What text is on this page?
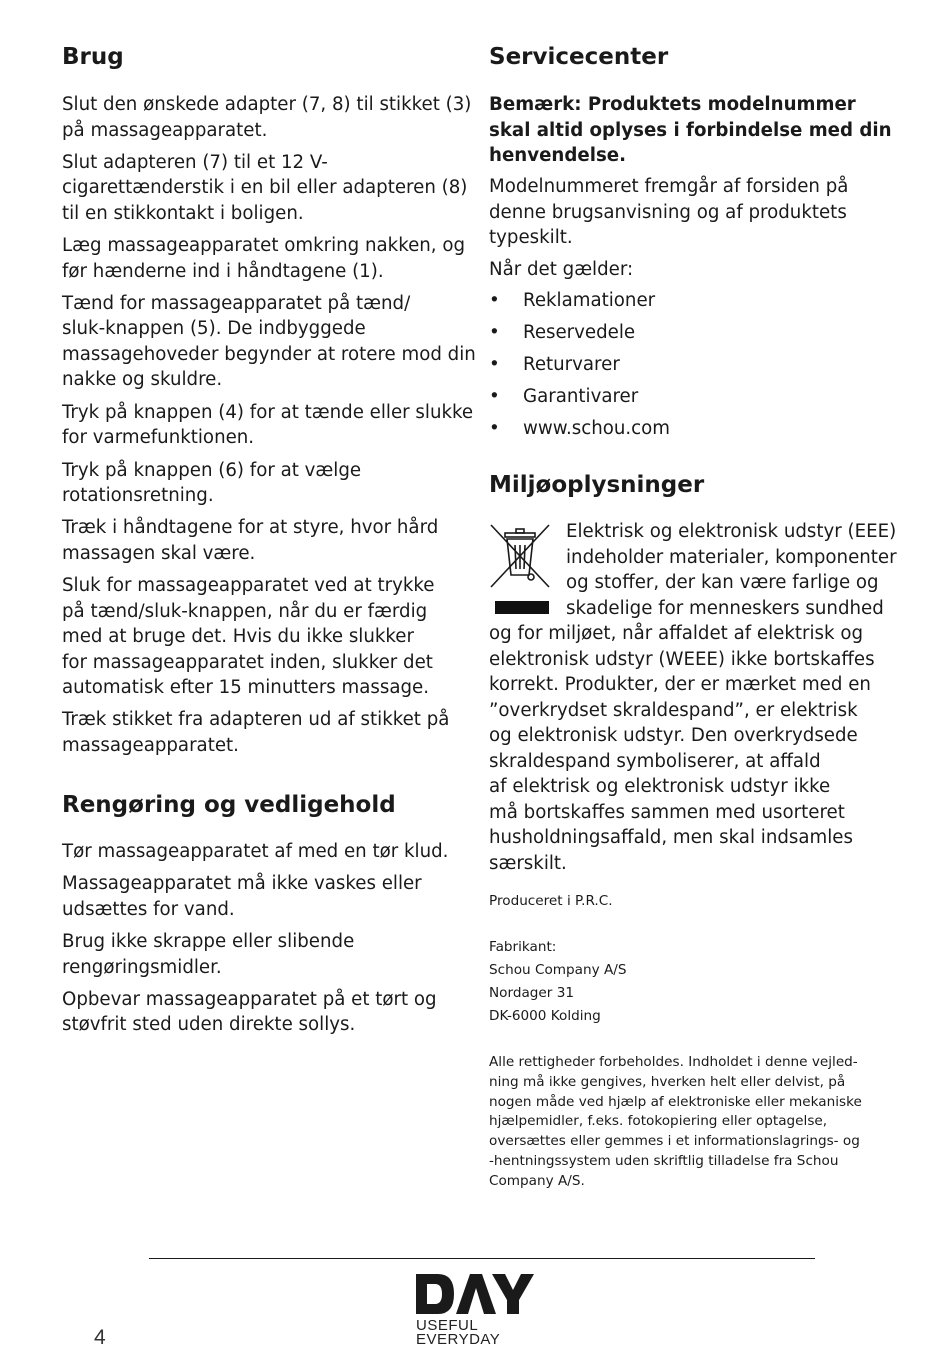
Brug
Slut den ønskede adapter (7, 8) til stikket (3)
på massageapparatet.
Slut adapteren (7) til et 12 V-
cigarettænderstik i en bil eller adapteren (8)
til en stikkontakt i boligen.
Læg massageapparatet omkring nakken, og
før hænderne ind i håndtagene (1).
Tænd for massageapparatet på tænd/
sluk-knappen (5). De indbyggede
massagehoveder begynder at rotere mod din
nakke og skuldre.
Tryk på knappen (4) for at tænde eller slukke
for varmefunktionen.
Tryk på knappen (6) for at vælge
rotationsretning.
Træk i håndtagene for at styre, hvor hård
massagen skal være.
Sluk for massageapparatet ved at trykke
på tænd/sluk-knappen, når du er færdig
med at bruge det. Hvis du ikke slukker
for massageapparatet inden, slukker det
automatisk efter 15 minutters massage.
Træk stikket fra adapteren ud af stikket på
massageapparatet.
Rengøring og vedligehold
Tør massageapparatet af med en tør klud.
Massageapparatet må ikke vaskes eller
udsættes for vand.
Brug ikke skrappe eller slibende
rengøringsmidler.
Opbevar massageapparatet på et tørt og
støvfrit sted uden direkte sollys.
Servicecenter
Bemærk: Produktets modelnummer
skal altid oplyses i forbindelse med din
henvendelse.
Modelnummeret fremgår af forsiden på
denne brugsanvisning og af produktets
typeskilt.
Når det gælder:
• Reklamationer
• Reservedele
• Returvarer
• Garantivarer
• www.schou.com
Miljøoplysninger
Elektrisk og elektronisk udstyr (EEE)
indeholder materialer, komponenter
og stoffer, der kan være farlige og
skadelige for menneskers sundhed
og for miljøet, når affaldet af elektrisk og
elektronisk udstyr (WEEE) ikke bortskaffes
korrekt. Produkter, der er mærket med en
”overkrydset skraldespand”, er elektrisk
og elektronisk udstyr. Den overkrydsede
skraldespand symboliserer, at affald
af elektrisk og elektronisk udstyr ikke
må bortskaffes sammen med usorteret
husholdningsaffald, men skal indsamles
særskilt.
Produceret i P.R.C.
Fabrikant:
Schou Company A/S
Nordager 31
DK-6000 Kolding
Alle rettigheder forbeholdes. Indholdet i denne vejled-
ning må ikke gengives, hverken helt eller delvist, på
nogen måde ved hjælp af elektroniske eller mekaniske
hjælpemidler, f.eks. fotokopiering eller optagelse,
oversættes eller gemmes i et informationslagrings- og
-hentningssystem uden skriftlig tilladelse fra Schou
Company A/S.
4
USEFUL
EVERYDAY
